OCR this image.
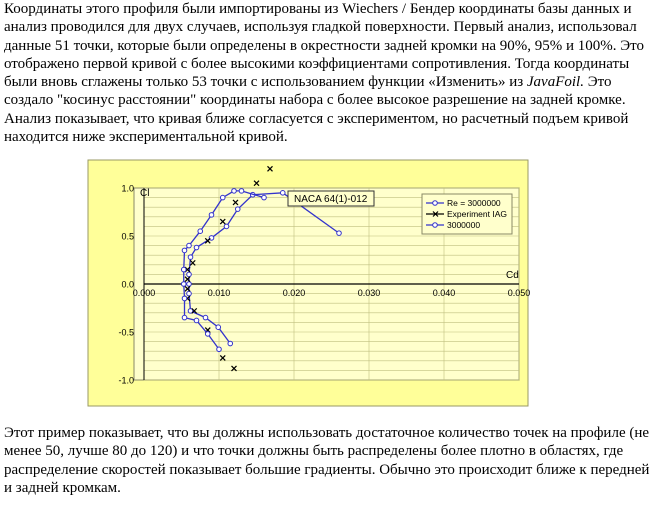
Координаты этого профиля были импортированы из Wiechers / Бендер координаты базы данных и анализ проводился для двух случаев, используя гладкой поверхности. Первый анализ, использовал данные 51 точки, которые были определены в окрестности задней кромки на 90%, 95% и 100%. Это отображено первой кривой с более высокими коэффициентами сопротивления. Тогда координаты были вновь сглажены только 53 точки с использованием функции «Изменить» из JavaFoil. Это создало "косинус расстоянии" координаты набора с более высокое разрешение на задней кромке. Анализ показывает, что кривая ближе согласуется с экспериментом, но расчетный подъем кривой находится ниже экспериментальной кривой.

1.0
0.5
0.0
-0.5
-1.0
0.000	0.010	0.020	0.030	0.040	0.050
Cl
Cd
NACA 64(1)-012	Re = 3000000
Experiment IAG
3000000

Этот пример показывает, что вы должны использовать достаточное количество точек на профиле (не менее 50, лучше 80 до 120) и что точки должны быть распределены более плотно в областях, где распределение скоростей показывает большие градиенты. Обычно это происходит ближе к передней и задней кромкам.
